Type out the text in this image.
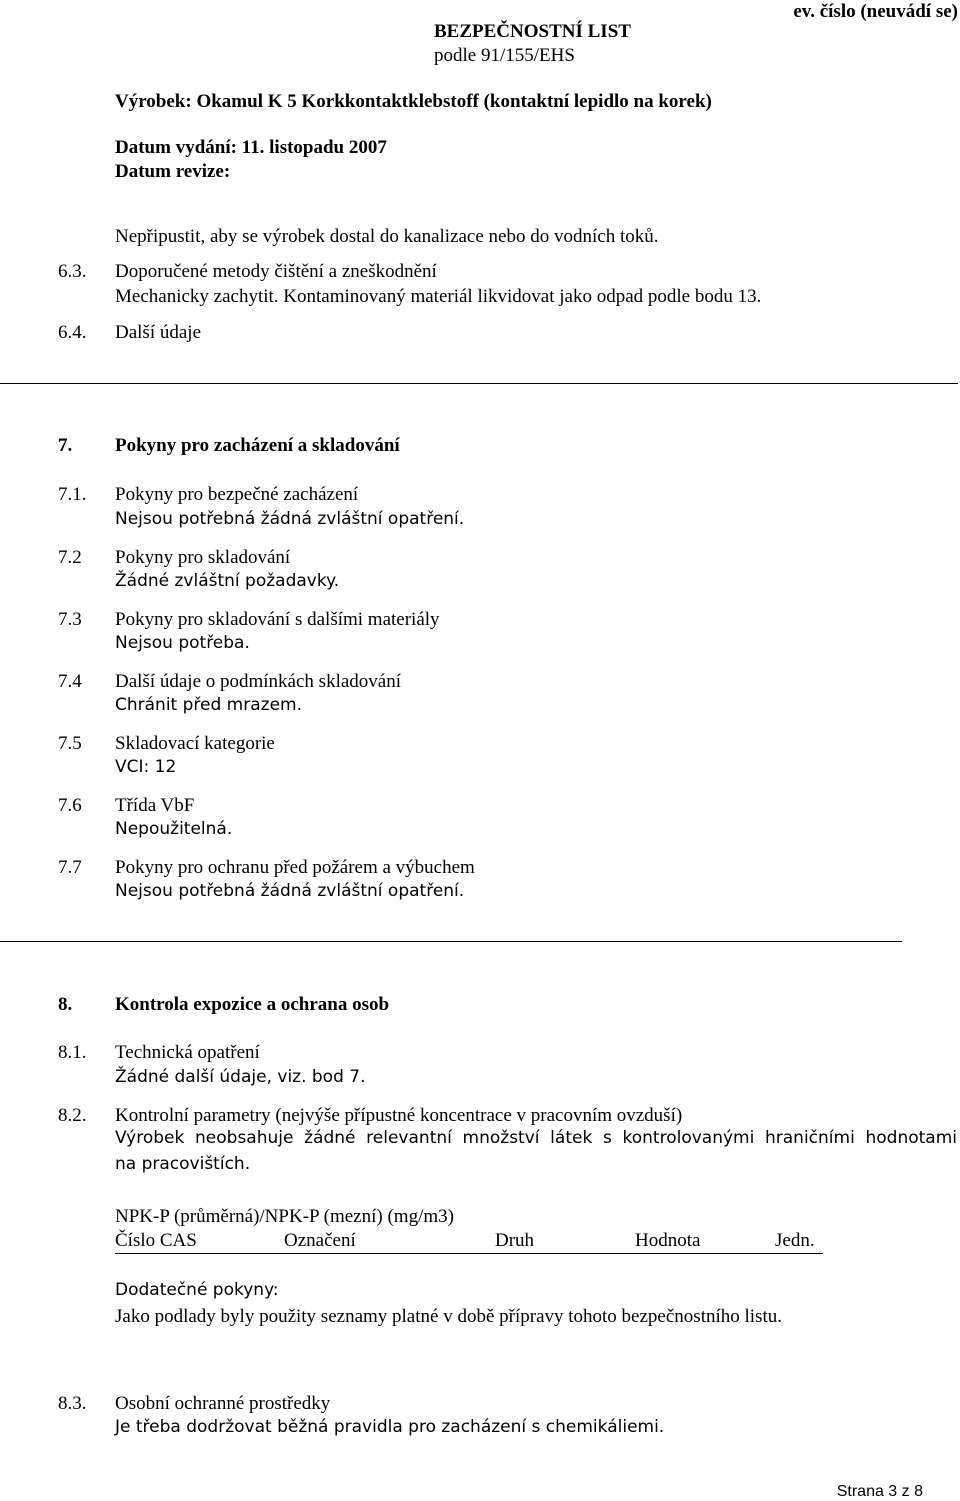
BEZPEČNOSTNÍ LIST
podle 91/155/EHS
ev. číslo (neuvádí se)
Výrobek: Okamul K 5 Korkkontaktklebstoff (kontaktní lepidlo na korek)
Datum vydání: 11. listopadu 2007
Datum revize:
Nepřipustit, aby se výrobek dostal do kanalizace nebo do vodních toků.
6.3. Doporučené metody čištění a zneškodnění
Mechanicky zachytit. Kontaminovaný materiál likvidovat jako odpad podle bodu 13.
6.4. Další údaje
7. Pokyny pro zacházení a skladování
7.1. Pokyny pro bezpečné zacházení
Nejsou potřebná žádná zvláštní opatření.
7.2 Pokyny pro skladování
Žádné zvláštní požadavky.
7.3 Pokyny pro skladování s dalšími materiály
Nejsou potřeba.
7.4 Další údaje o podmínkách skladování
Chránit před mrazem.
7.5 Skladovací kategorie
VCI: 12
7.6 Třída VbF
Nepoužitelná.
7.7 Pokyny pro ochranu před požárem a výbuchem
Nejsou potřebná žádná zvláštní opatření.
8. Kontrola expozice a ochrana osob
8.1. Technická opatření
Žádné další údaje, viz. bod 7.
8.2. Kontrolní parametry (nejvýše přípustné koncentrace v pracovním ovzduší)
Výrobek neobsahuje žádné relevantní množství látek s kontrolovanými hraničními hodnotami
na pracovištích.
NPK-P (průměrná)/NPK-P (mezní) (mg/m3)
Číslo CAS	Označení	Druh	Hodnota	Jedn.
Dodatečné pokyny:
Jako podlady byly použity seznamy platné v době přípravy tohoto bezpečnostního listu.
8.3. Osobní ochranné prostředky
Je třeba dodržovat běžná pravidla pro zacházení s chemikáliemi.
Strana 3 z 8
